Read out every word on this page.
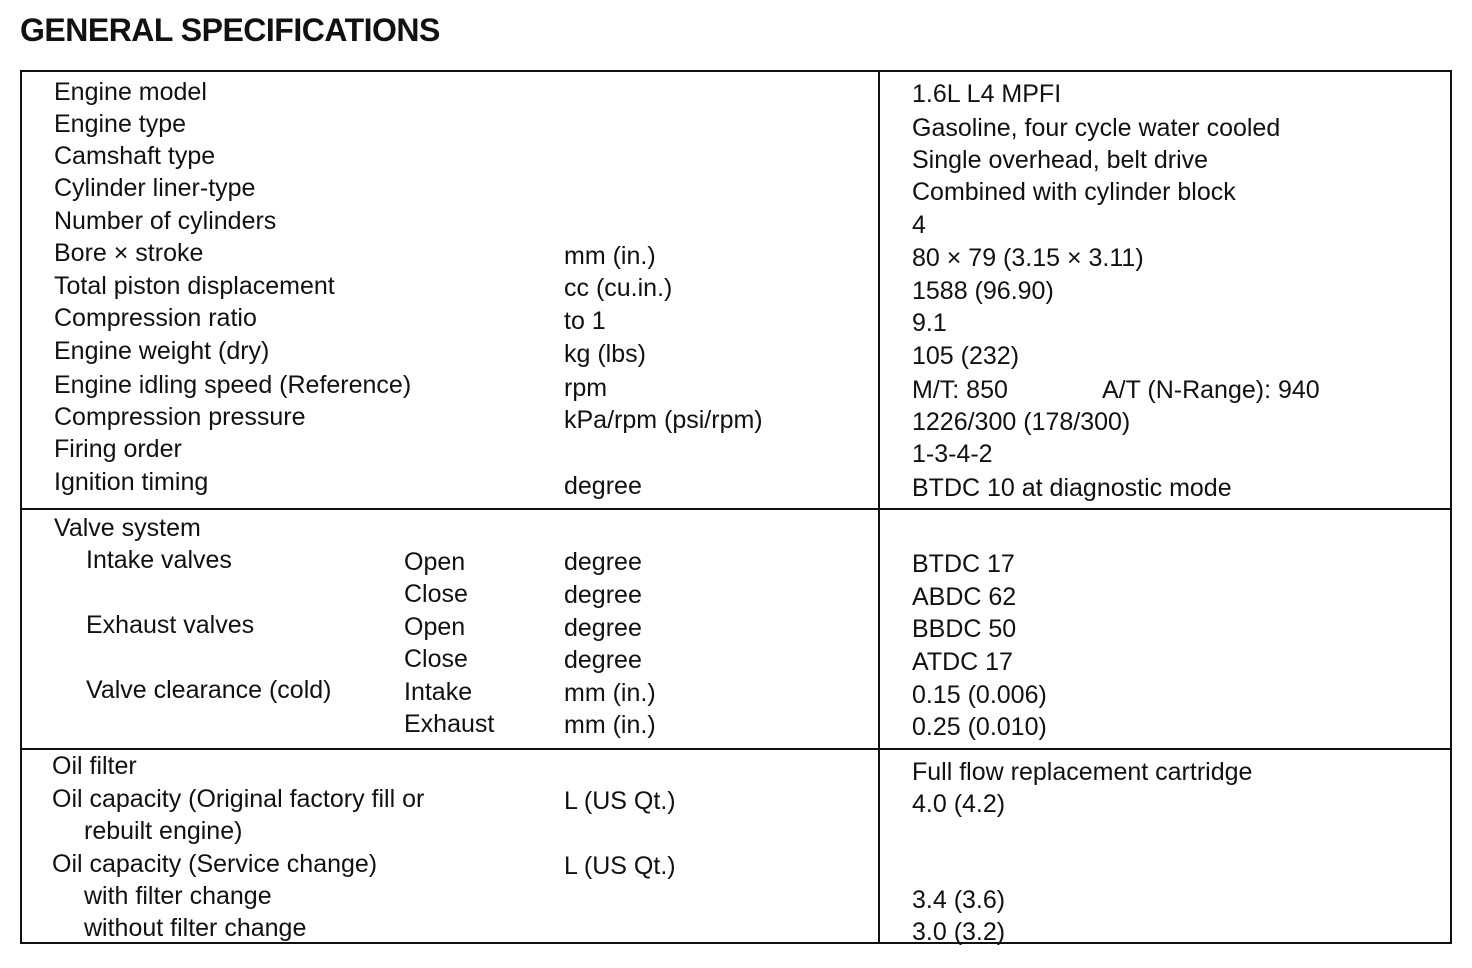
GENERAL SPECIFICATIONS
Engine model	1.6L L4 MPFI
Engine type	Gasoline, four cycle water cooled
Camshaft type	Single overhead, belt drive
Cylinder liner-type	Combined with cylinder block
Number of cylinders	4
Bore × stroke	mm (in.)	80 × 79 (3.15 × 3.11)
Total piston displacement	cc (cu.in.)	1588 (96.90)
Compression ratio	to 1	9.1
Engine weight (dry)	kg (lbs)	105 (232)
Engine idling speed (Reference)	rpm	M/T: 850	A/T (N-Range): 940
Compression pressure	kPa/rpm (psi/rpm)	1226/300 (178/300)
Firing order	1-3-4-2
Ignition timing	degree	BTDC 10 at diagnostic mode
Valve system
Intake valves	Open	degree	BTDC 17
Close	degree	ABDC 62
Exhaust valves	Open	degree	BBDC 50
Close	degree	ATDC 17
Valve clearance (cold)	Intake	mm (in.)	0.15 (0.006)
Exhaust	mm (in.)	0.25 (0.010)
Oil filter	Full flow replacement cartridge
Oil capacity (Original factory fill or	L (US Qt.)	4.0 (4.2)
rebuilt engine)
Oil capacity (Service change)	L (US Qt.)
with filter change	3.4 (3.6)
without filter change	3.0 (3.2)
